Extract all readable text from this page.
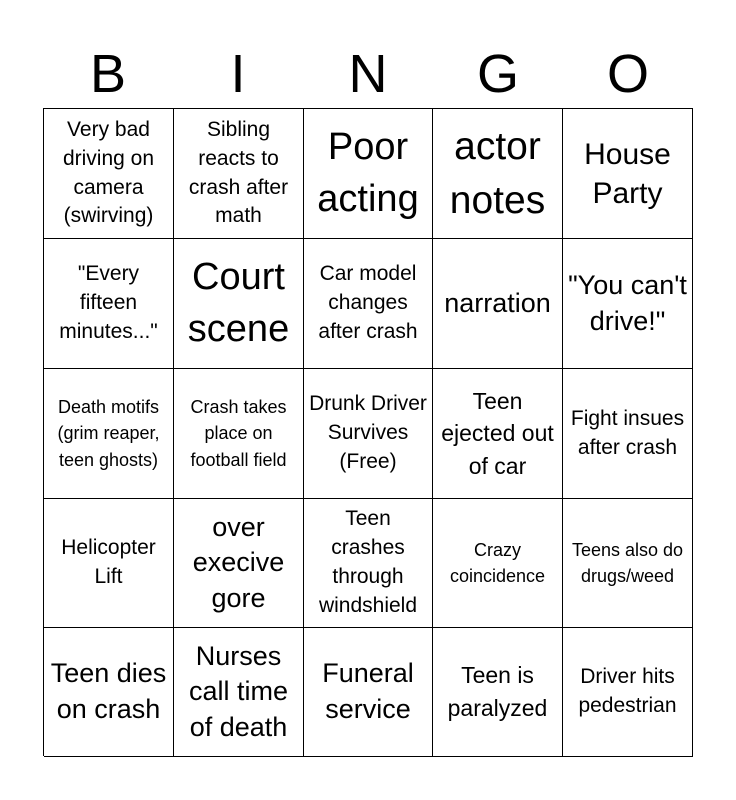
B	I	N	G	O
Very bad driving on camera (swirving)
Sibling reacts to crash after math
Poor acting
actor notes
House Party
"Every fifteen minutes..."
Court scene
Car model changes after crash
narration
"You can't drive!"
Death motifs (grim reaper, teen ghosts)
Crash takes place on football field
Drunk Driver Survives (Free)
Teen ejected out of car
Fight insues after crash
Helicopter Lift
over execive gore
Teen crashes through windshield
Crazy coincidence
Teens also do drugs/weed
Teen dies on crash
Nurses call time of death
Funeral service
Teen is paralyzed
Driver hits pedestrian
